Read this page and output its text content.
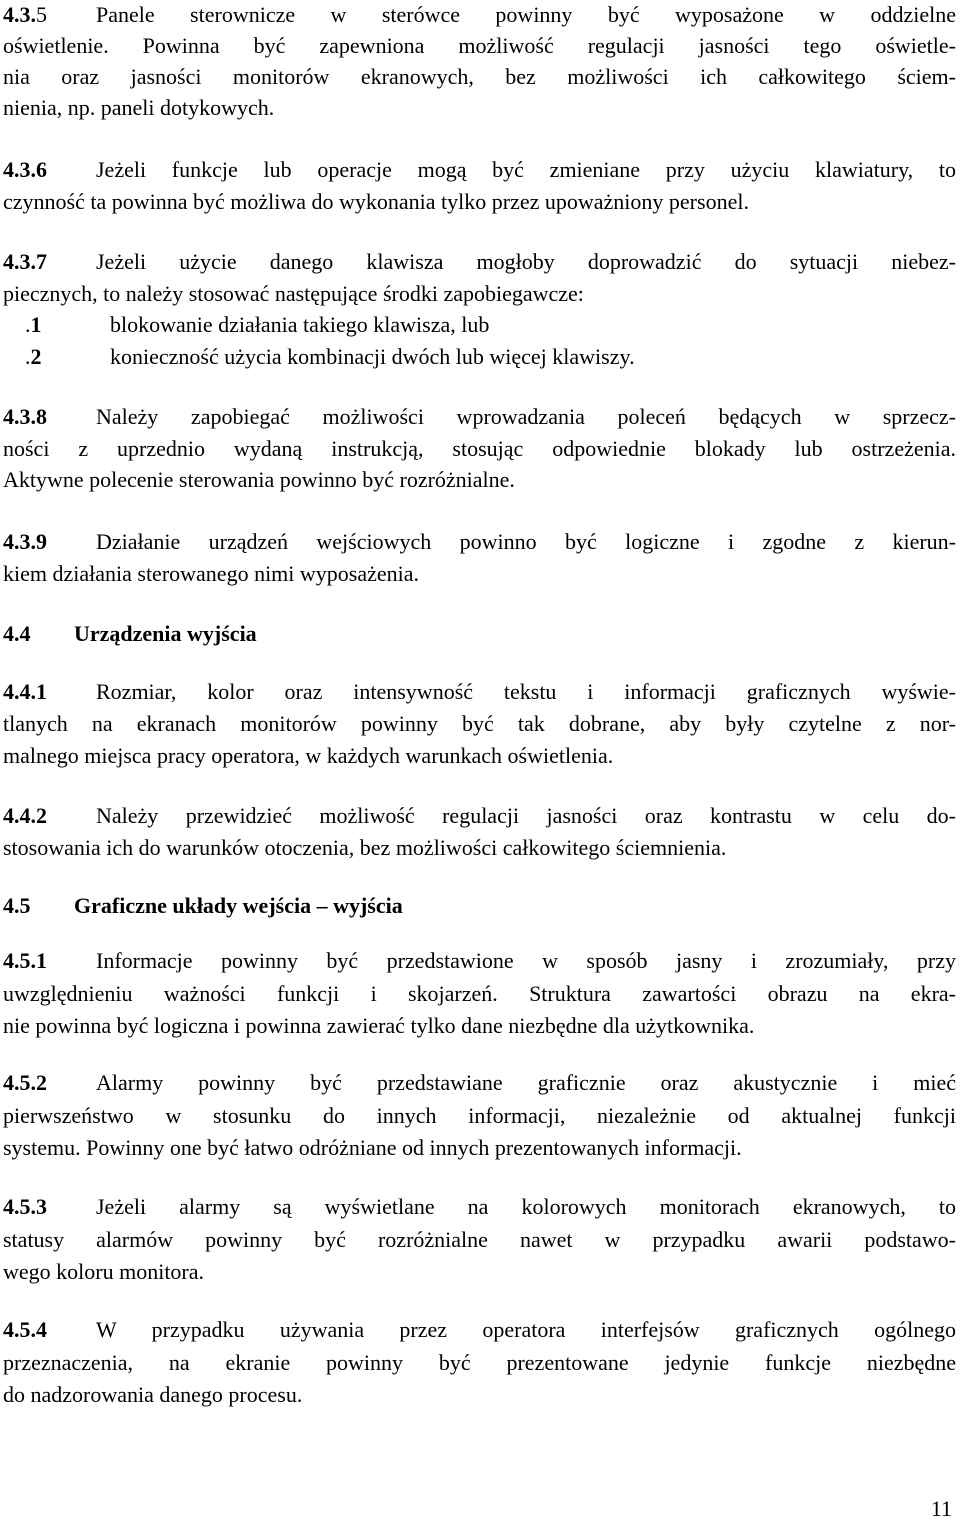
4.3.5 Panele sterownicze w sterówce powinny być wyposażone w oddzielne
oświetlenie. Powinna być zapewniona możliwość regulacji jasności tego oświetle-
nia oraz jasności monitorów ekranowych, bez możliwości ich całkowitego ściem-
nienia, np. paneli dotykowych.
4.3.6 Jeżeli funkcje lub operacje mogą być zmieniane przy użyciu klawiatury, to
czynność ta powinna być możliwa do wykonania tylko przez upoważniony personel.
4.3.7 Jeżeli użycie danego klawisza mogłoby doprowadzić do sytuacji niebez-
piecznych, to należy stosować następujące środki zapobiegawcze:
.1	blokowanie działania takiego klawisza, lub
.2	konieczność użycia kombinacji dwóch lub więcej klawiszy.
4.3.8 Należy zapobiegać możliwości wprowadzania poleceń będących w sprzecz-
ności z uprzednio wydaną instrukcją, stosując odpowiednie blokady lub ostrzeżenia.
Aktywne polecenie sterowania powinno być rozróżnialne.
4.3.9 Działanie urządzeń wejściowych powinno być logiczne i zgodne z kierun-
kiem działania sterowanego nimi wyposażenia.
4.4 Urządzenia wyjścia
4.4.1 Rozmiar, kolor oraz intensywność tekstu i informacji graficznych wyświe-
tlanych na ekranach monitorów powinny być tak dobrane, aby były czytelne z nor-
malnego miejsca pracy operatora, w każdych warunkach oświetlenia.
4.4.2 Należy przewidzieć możliwość regulacji jasności oraz kontrastu w celu do-
stosowania ich do warunków otoczenia, bez możliwości całkowitego ściemnienia.
4.5 Graficzne układy wejścia – wyjścia
4.5.1 Informacje powinny być przedstawione w sposób jasny i zrozumiały, przy
uwzględnieniu ważności funkcji i skojarzeń. Struktura zawartości obrazu na ekra-
nie powinna być logiczna i powinna zawierać tylko dane niezbędne dla użytkownika.
4.5.2 Alarmy powinny być przedstawiane graficznie oraz akustycznie i mieć
pierwszeństwo w stosunku do innych informacji, niezależnie od aktualnej funkcji
systemu. Powinny one być łatwo odróżniane od innych prezentowanych informacji.
4.5.3 Jeżeli alarmy są wyświetlane na kolorowych monitorach ekranowych, to
statusy alarmów powinny być rozróżnialne nawet w przypadku awarii podstawo-
wego koloru monitora.
4.5.4 W przypadku używania przez operatora interfejsów graficznych ogólnego
przeznaczenia, na ekranie powinny być prezentowane jedynie funkcje niezbędne
do nadzorowania danego procesu.
11
